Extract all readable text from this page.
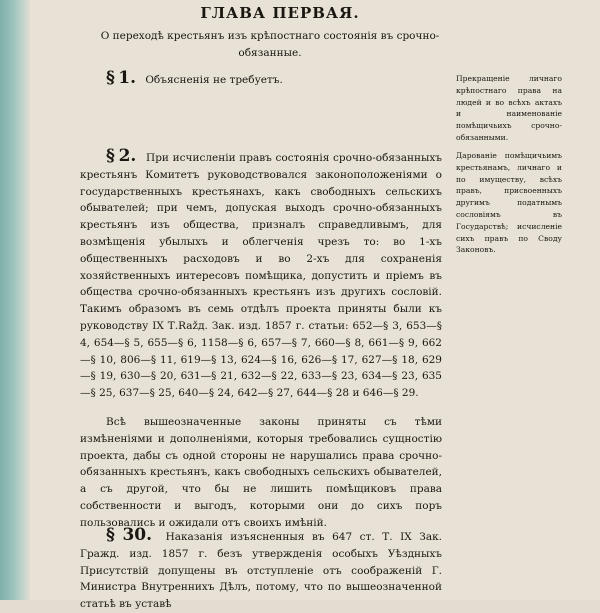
ГЛАВА ПЕРВАЯ.
О переходѣ крестьянъ изъ крѣпостнаго состоянія въ срочно-обязанные.

§ 1. Объясненія не требуетъ.

§ 2. При исчисленіи правъ состоянія срочно-обязанныхъ крестьянъ Комитетъ руководствовался законоположеніями о государственныхъ крестьянахъ, какъ свободныхъ сельскихъ обывателей; при чемъ, допуская выходъ срочно-обязанныхъ крестьянъ изъ общества, призналъ справедливымъ, для возмѣщенія убылыхъ и облегченія чрезъ то: во 1-хъ общественныхъ расходовъ и во 2-хъ для сохраненія хозяйственныхъ интересовъ помѣщика, допустить и пріемъ въ общества срочно-обязанныхъ крестьянъ изъ другихъ сословій. Такимъ образомъ въ семь отдѣлъ проекта приняты были къ руководству IX Т.Ražд. Зак. изд. 1857 г. статьи: 652—§ 3, 653—§ 4, 654—§ 5, 655—§ 6, 1158—§ 6, 657—§ 7, 660—§ 8, 661—§ 9, 662—§ 10, 806—§ 11, 619—§ 13, 624—§ 16, 626—§ 17, 627—§ 18, 629—§ 19, 630—§ 20, 631—§ 21, 632—§ 22, 633—§ 23, 634—§ 23, 635—§ 25, 637—§ 25, 640—§ 24, 642—§ 27, 644—§ 28 и 646—§ 29.

Всѣ вышеозначенные законы приняты съ тѣми измѣненіями и дополненіями, которыя требовались сущностію проекта, дабы съ одной стороны не нарушались права срочно-обязанныхъ крестьянъ, какъ свободныхъ сельскихъ обывателей, а съ другой, что бы не лишить помѣщиковъ права собственности и выгодъ, которыми они до сихъ поръ пользовались и ожидали отъ своихъ имѣній.

§ 30. Наказанія изъясненныя въ 647 ст. Т. IX Зак. Гражд. изд. 1857 г. безъ утвержденія особыхъ Уѣздныхъ Присутствій допущены въ отступленіе отъ соображеній Г. Министра Внутреннихъ Дѣлъ, потому, что по вышеозначенной статьѣ въ уставѣ

Прекращеніе личнаго крѣпостнаго права на людей и во всѣхъ актахъ и наименованіе помѣщичьихъ срочно-обязанными.

Дарованіе помѣщичьимъ крестьянамъ, личнаго и по имуществу, всѣхъ правъ, присвоенныхъ другимъ податнымъ сословіямъ въ Государствѣ; исчисленіе сихъ правъ по Своду Законовъ.
